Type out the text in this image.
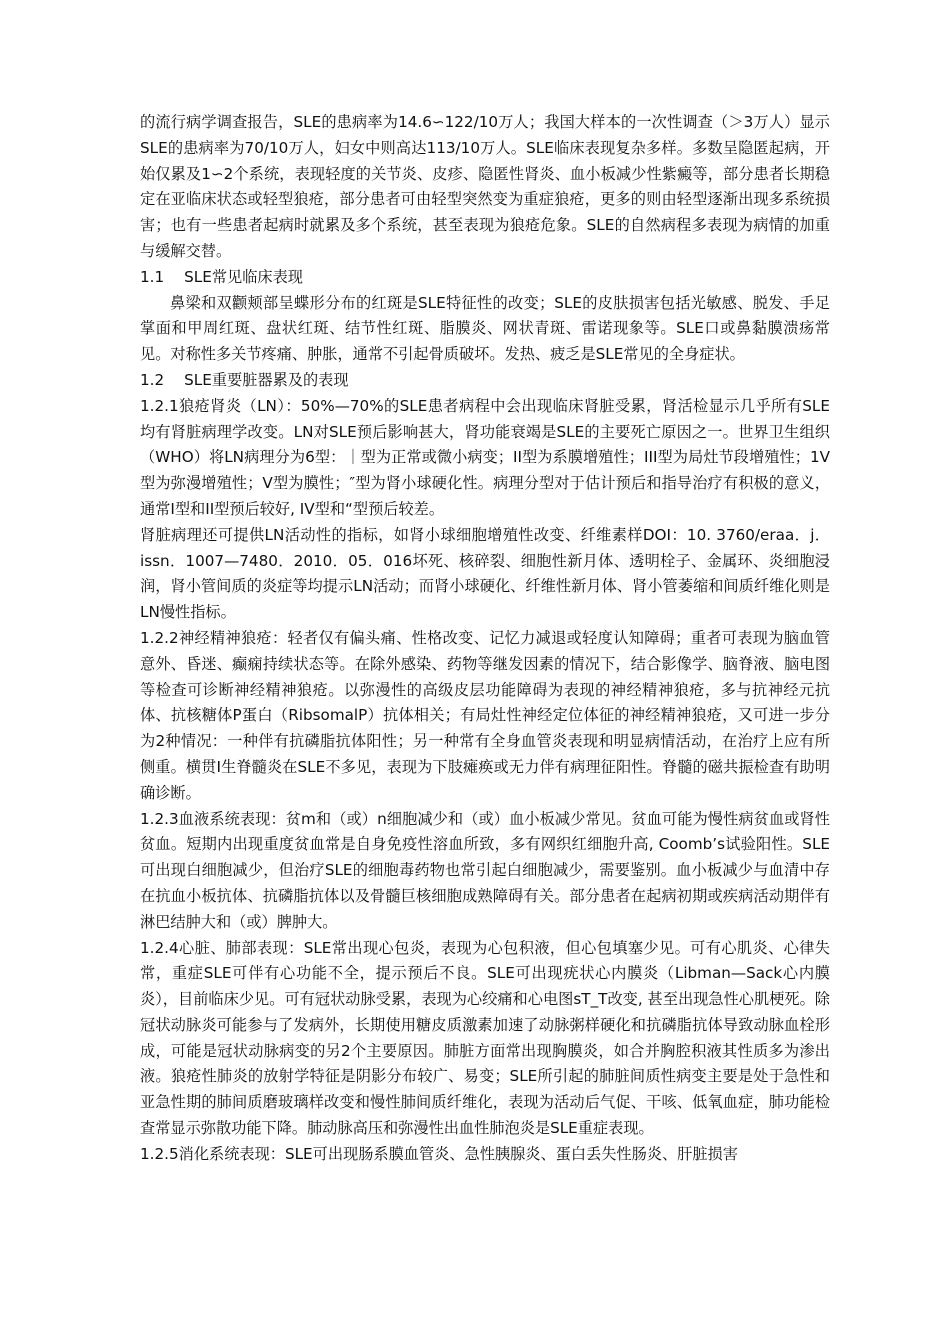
的流行病学调查报告，SLE的患病率为14.6∽122/10万人；我国大样本的一次性调查（＞3万人）显示SLE的患病率为70/10万人，妇女中则高达113/10万人。SLE临床表现复杂多样。多数呈隐匿起病，开始仅累及1∽2个系统，表现轻度的关节炎、皮疹、隐匿性肾炎、血小板减少性紫癜等，部分患者长期稳定在亚临床状态或轻型狼疮，部分患者可由轻型突然变为重症狼疮，更多的则由轻型逐渐出现多系统损害；也有一些患者起病时就累及多个系统，甚至表现为狼疮危象。SLE的自然病程多表现为病情的加重与缓解交替。

1.1　 SLE常见临床表现

鼻梁和双颧颊部呈蝶形分布的红斑是SLE特征性的改变；SLE的皮肤损害包括光敏感、脱发、手足掌面和甲周红斑、盘状红斑、结节性红斑、脂膜炎、网状青斑、雷诺现象等。SLE口或鼻黏膜溃疡常见。对称性多关节疼痛、肿胀，通常不引起骨质破坏。发热、疲乏是SLE常见的全身症状。

1.2　 SLE重要脏器累及的表现

1.2.1狼疮肾炎（LN）：50%—70%的SLE患者病程中会出现临床肾脏受累，肾活检显示几乎所有SLE均有肾脏病理学改变。LN对SLE预后影响甚大，肾功能衰竭是SLE的主要死亡原因之一。世界卫生组织（WHO）将LN病理分为6型：｜型为正常或微小病变；II型为系膜增殖性；III型为局灶节段增殖性；1V型为弥漫增殖性；V型为膜性；″型为肾小球硬化性。病理分型对于估计预后和指导治疗有积极的意义，通常I型和II型预后较好, IV型和“型预后较差。

肾脏病理还可提供LN活动性的指标，如肾小球细胞增殖性改变、纤维素样DOI：10. 3760/eraa．j．issn．1007—7480．2010．05．016坏死、核碎裂、细胞性新月体、透明栓子、金属环、炎细胞浸润，肾小管间质的炎症等均提示LN活动；而肾小球硬化、纤维性新月体、肾小管萎缩和间质纤维化则是LN慢性指标。

1.2.2神经精神狼疮：轻者仅有偏头痛、性格改变、记忆力减退或轻度认知障碍；重者可表现为脑血管意外、昏迷、癫痫持续状态等。在除外感染、药物等继发因素的情况下，结合影像学、脑脊液、脑电图等检查可诊断神经精神狼疮。以弥漫性的高级皮层功能障碍为表现的神经精神狼疮，多与抗神经元抗体、抗核糖体P蛋白（RibsomalP）抗体相关；有局灶性神经定位体征的神经精神狼疮，又可进一步分为2种情况：一种伴有抗磷脂抗体阳性；另一种常有全身血管炎表现和明显病情活动，在治疗上应有所侧重。横贯I生脊髓炎在SLE不多见，表现为下肢瘫痪或无力伴有病理征阳性。脊髓的磁共振检查有助明确诊断。

1.2.3血液系统表现：贫m和（或）n细胞减少和（或）血小板减少常见。贫血可能为慢性病贫血或肾性贫血。短期内出现重度贫血常是自身免疫性溶血所致，多有网织红细胞升高, Coomb’s试验阳性。SLE可出现白细胞减少，但治疗SLE的细胞毒药物也常引起白细胞减少，需要鉴别。血小板减少与血清中存在抗血小板抗体、抗磷脂抗体以及骨髓巨核细胞成熟障碍有关。部分患者在起病初期或疾病活动期伴有淋巴结肿大和（或）脾肿大。

1.2.4心脏、肺部表现：SLE常出现心包炎，表现为心包积液，但心包填塞少见。可有心肌炎、心律失常，重症SLE可伴有心功能不全，提示预后不良。SLE可出现疣状心内膜炎（Libman—Sack心内膜炎），目前临床少见。可有冠状动脉受累，表现为心绞痛和心电图sT_T改变, 甚至出现急性心肌梗死。除冠状动脉炎可能参与了发病外，长期使用糖皮质激素加速了动脉粥样硬化和抗磷脂抗体导致动脉血栓形成，可能是冠状动脉病变的另2个主要原因。肺脏方面常出现胸膜炎，如合并胸腔积液其性质多为渗出液。狼疮性肺炎的放射学特征是阴影分布较广、易变；SLE所引起的肺脏间质性病变主要是处于急性和亚急性期的肺间质磨玻璃样改变和慢性肺间质纤维化，表现为活动后气促、干咳、低氧血症，肺功能检查常显示弥散功能下降。肺动脉高压和弥漫性出血性肺泡炎是SLE重症表现。

1.2.5消化系统表现：SLE可出现肠系膜血管炎、急性胰腺炎、蛋白丢失性肠炎、肝脏损害
